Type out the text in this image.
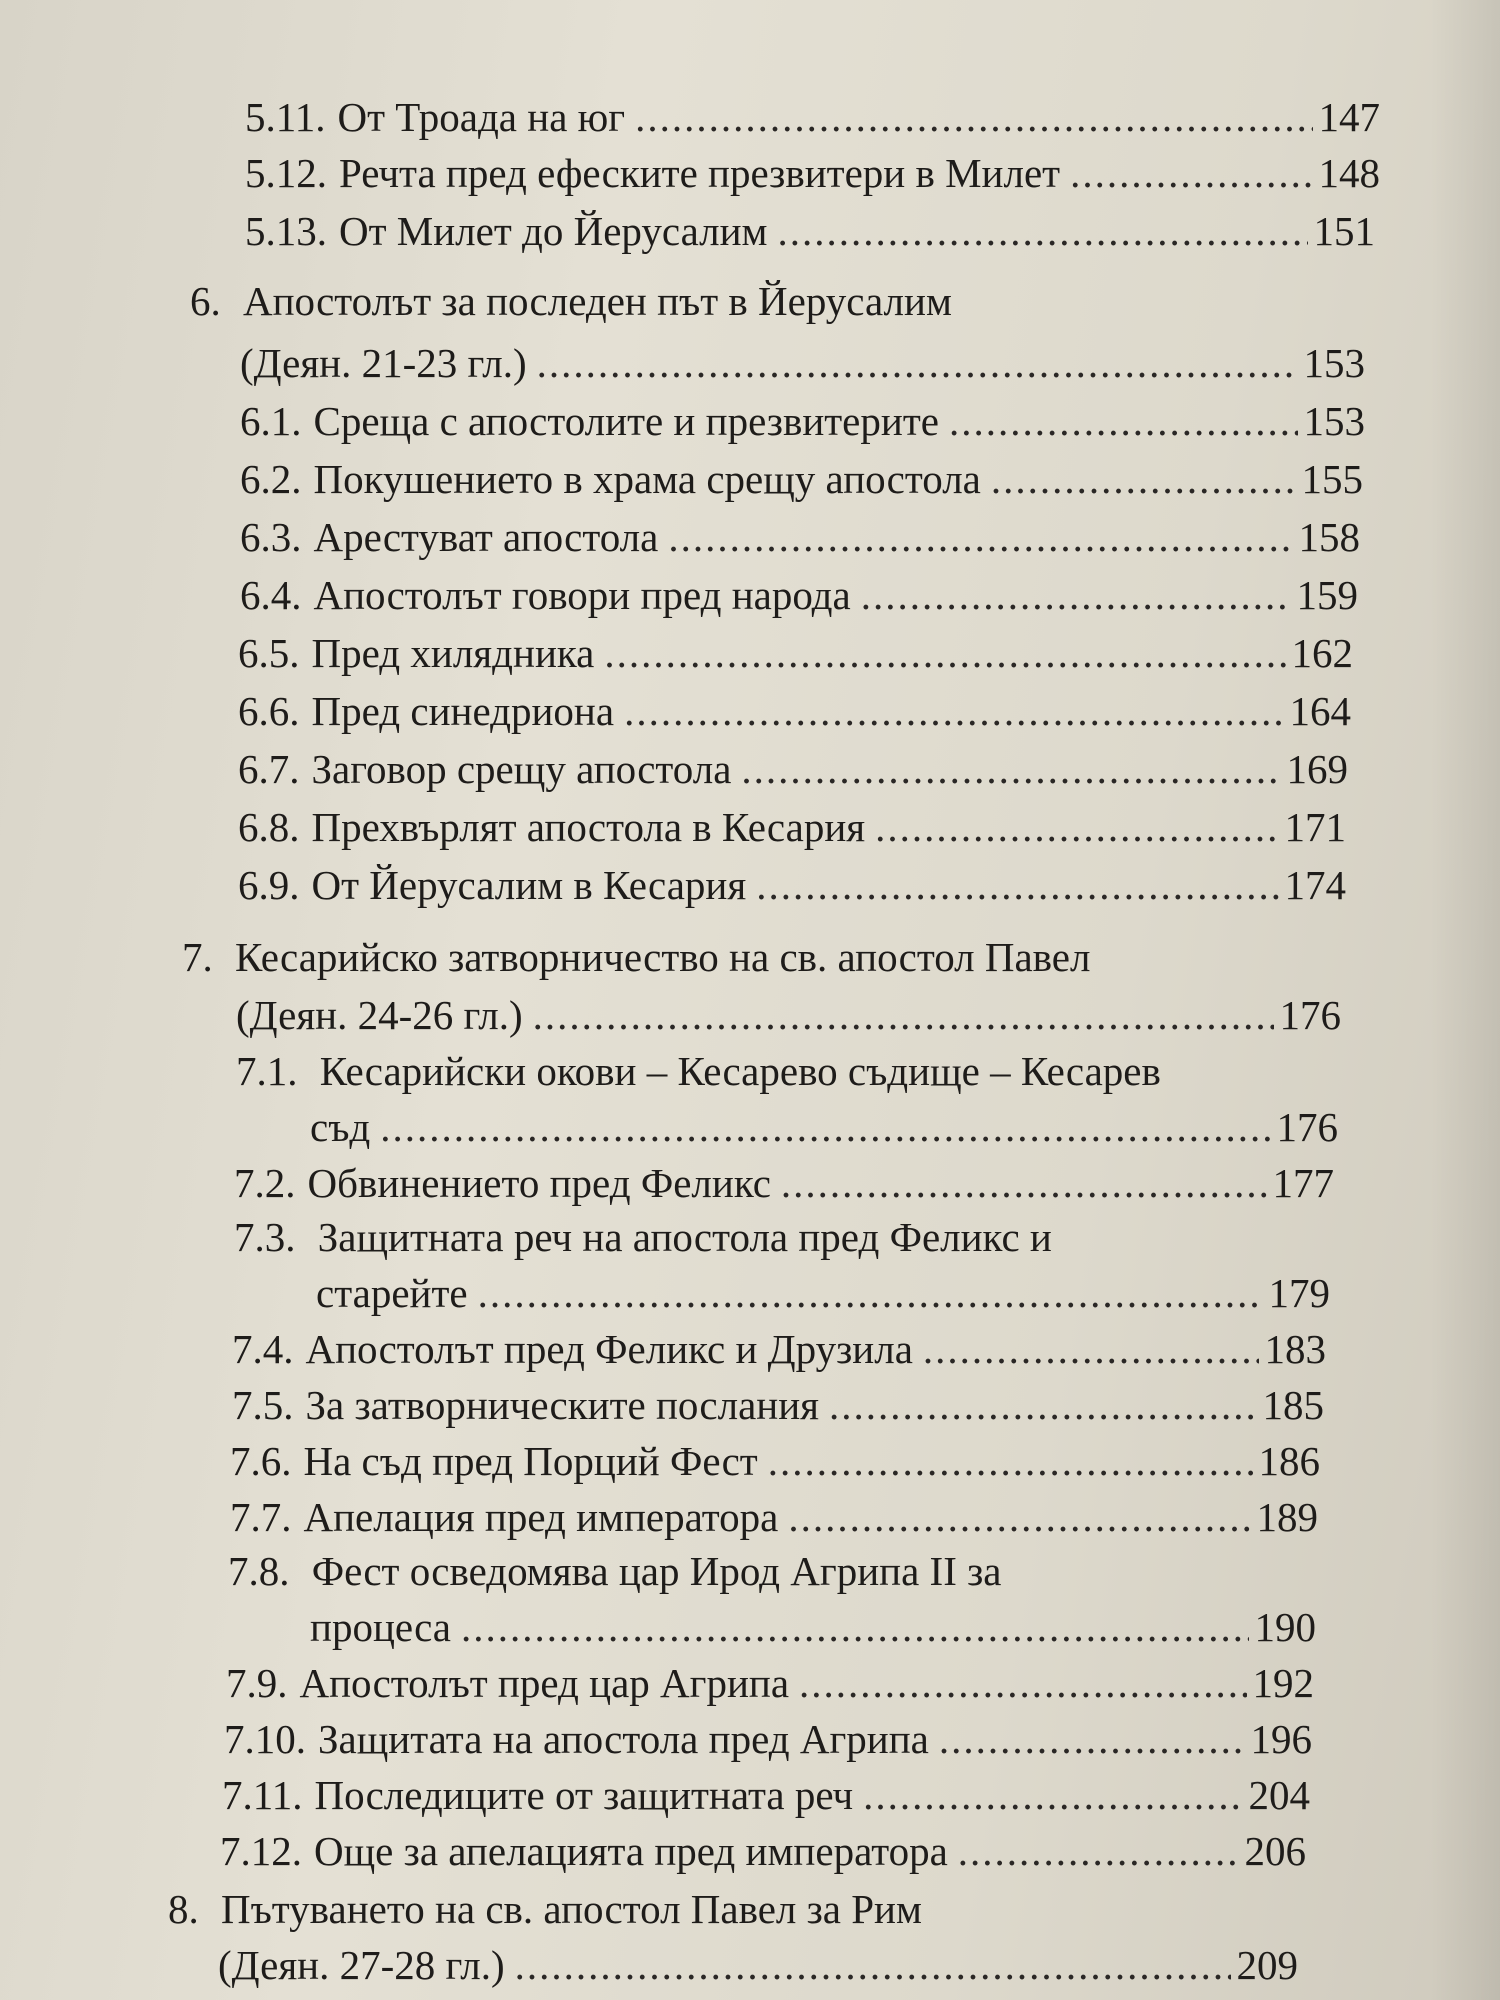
5.11. От Троада на юг .....	147
5.12. Речта пред ефеските презвитери в Милет .....	148
5.13. От Милет до Йерусалим .....	151
6. Апостолът за последен път в Йерусалим
(Деян. 21-23 гл.) .....	153
6.1. Среща с апостолите и презвитерите .....	153
6.2. Покушението в храма срещу апостола .....	155
6.3. Арестуват апостола .....	158
6.4. Апостолът говори пред народа .....	159
6.5. Пред хилядника .....	162
6.6. Пред синедриона .....	164
6.7. Заговор срещу апостола .....	169
6.8. Прехвърлят апостола в Кесария .....	171
6.9. От Йерусалим в Кесария .....	174
7. Кесарийско затворничество на св. апостол Павел
(Деян. 24-26 гл.) .....	176
7.1. Кесарийски окови – Кесарево съдище – Кесарев
съд .....	176
7.2. Обвинението пред Феликс .....	177
7.3. Защитната реч на апостола пред Феликс и
старейте .....	179
7.4. Апостолът пред Феликс и Друзила .....	183
7.5. За затворническите послания .....	185
7.6. На съд пред Порций Фест .....	186
7.7. Апелация пред императора .....	189
7.8. Фест осведомява цар Ирод Агрипа II за
процеса .....	190
7.9. Апостолът пред цар Агрипа .....	192
7.10. Защитата на апостола пред Агрипа .....	196
7.11. Последиците от защитната реч .....	204
7.12. Още за апелацията пред императора .....	206
8. Пътуването на св. апостол Павел за Рим
(Деян. 27-28 гл.) .....	209
